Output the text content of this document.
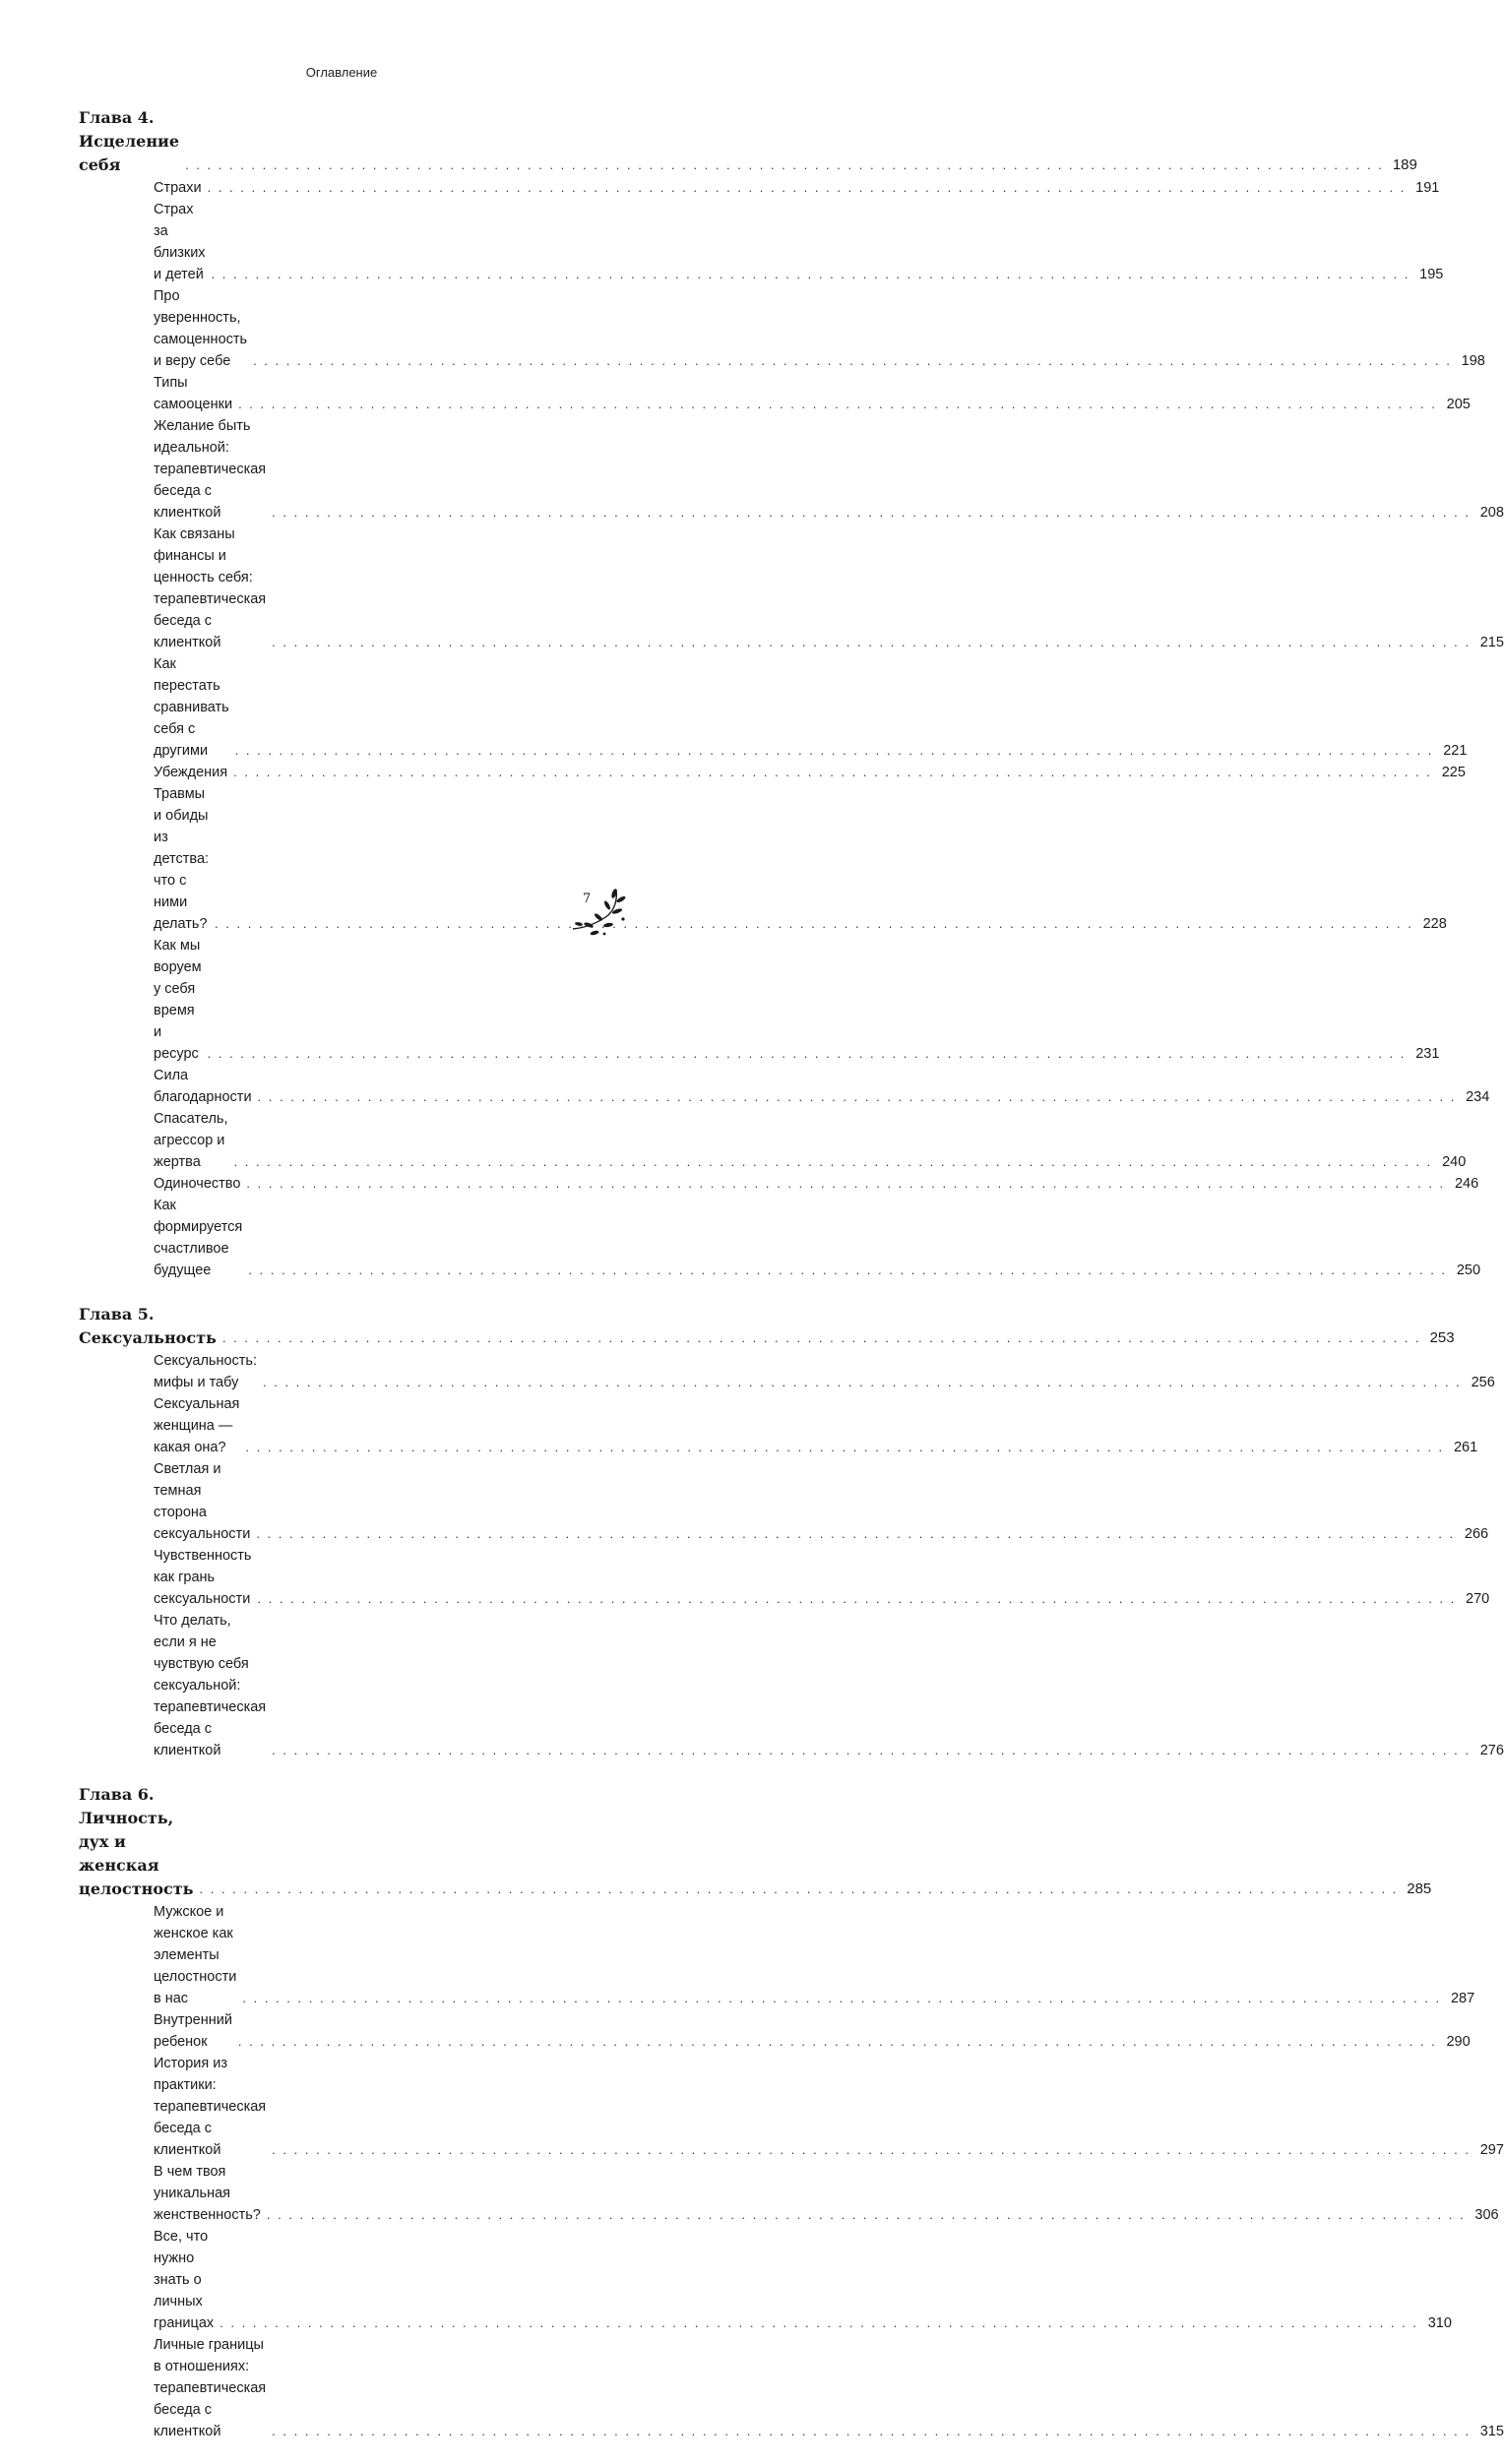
Оглавление
Глава 4. Исцеление себя . . .	189
Страхи . . .	191
Страх за близких и детей . . .	195
Про уверенность, самоценность и веру себе . . .	198
Типы самооценки . . .	205
Желание быть идеальной:
терапевтическая беседа с клиенткой . . .	208
Как связаны финансы и ценность себя:
терапевтическая беседа с клиенткой . . .	215
Как перестать сравнивать себя с другими . . .	221
Убеждения . . .	225
Травмы и обиды из детства: что с ними делать? . . .	228
Как мы воруем у себя время и ресурс . . .	231
Сила благодарности . . .	234
Спасатель, агрессор и жертва . . .	240
Одиночество . . .	246
Как формируется счастливое будущее . . .	250
Глава 5. Сексуальность . . .	253
Сексуальность: мифы и табу . . .	256
Сексуальная женщина — какая она? . . .	261
Светлая и темная сторона сексуальности . . .	266
Чувственность как грань сексуальности . . .	270
Что делать, если я не чувствую себя сексуальной:
терапевтическая беседа с клиенткой . . .	276
Глава 6. Личность, дух и женская целостность . . .	285
Мужское и женское как элементы
целостности в нас . . .	287
Внутренний ребенок . . .	290
История из практики:
терапевтическая беседа с клиенткой . . .	297
В чем твоя уникальная женственность? . . .	306
Все, что нужно знать о личных границах . . .	310
Личные границы в отношениях:
терапевтическая беседа с клиенткой . . .	315
7
